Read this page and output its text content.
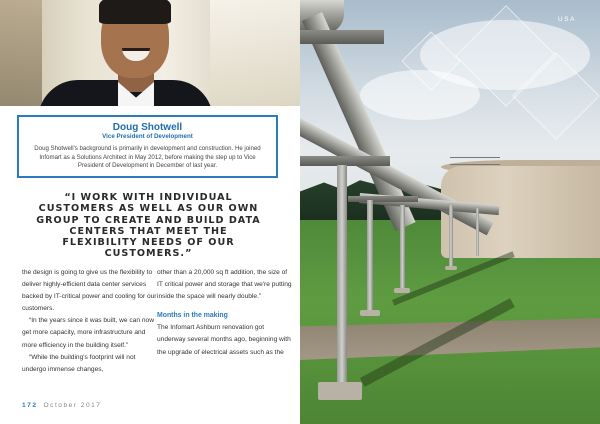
Doug Shotwell
Vice President of Development
Doug Shotwell's background is primarily in development and construction. He joined Infomart as a Solutions Architect in May 2012, before making the step up to Vice President of Development in December of last year.
“I WORK WITH INDIVIDUAL CUSTOMERS AS WELL AS OUR OWN GROUP TO CREATE AND BUILD DATA CENTERS THAT MEET THE FLEXIBILITY NEEDS OF OUR CUSTOMERS.”

the design is going to give us the flexibility to deliver highly-efficient data center services backed by IT-critical power and cooling for our customers.

“In the years since it was built, we can now get more capacity, more infrastructure and more efficiency in the building itself.”

“While the building's footprint will not undergo immense changes,

other than a 20,000 sq ft addition, the size of IT critical power and storage that we're putting inside the space will nearly double.”

Months in the making

The Infomart Ashburn renovation got underway several months ago, beginning with the upgrade of electrical assets such as the

172 October 2017
USA
